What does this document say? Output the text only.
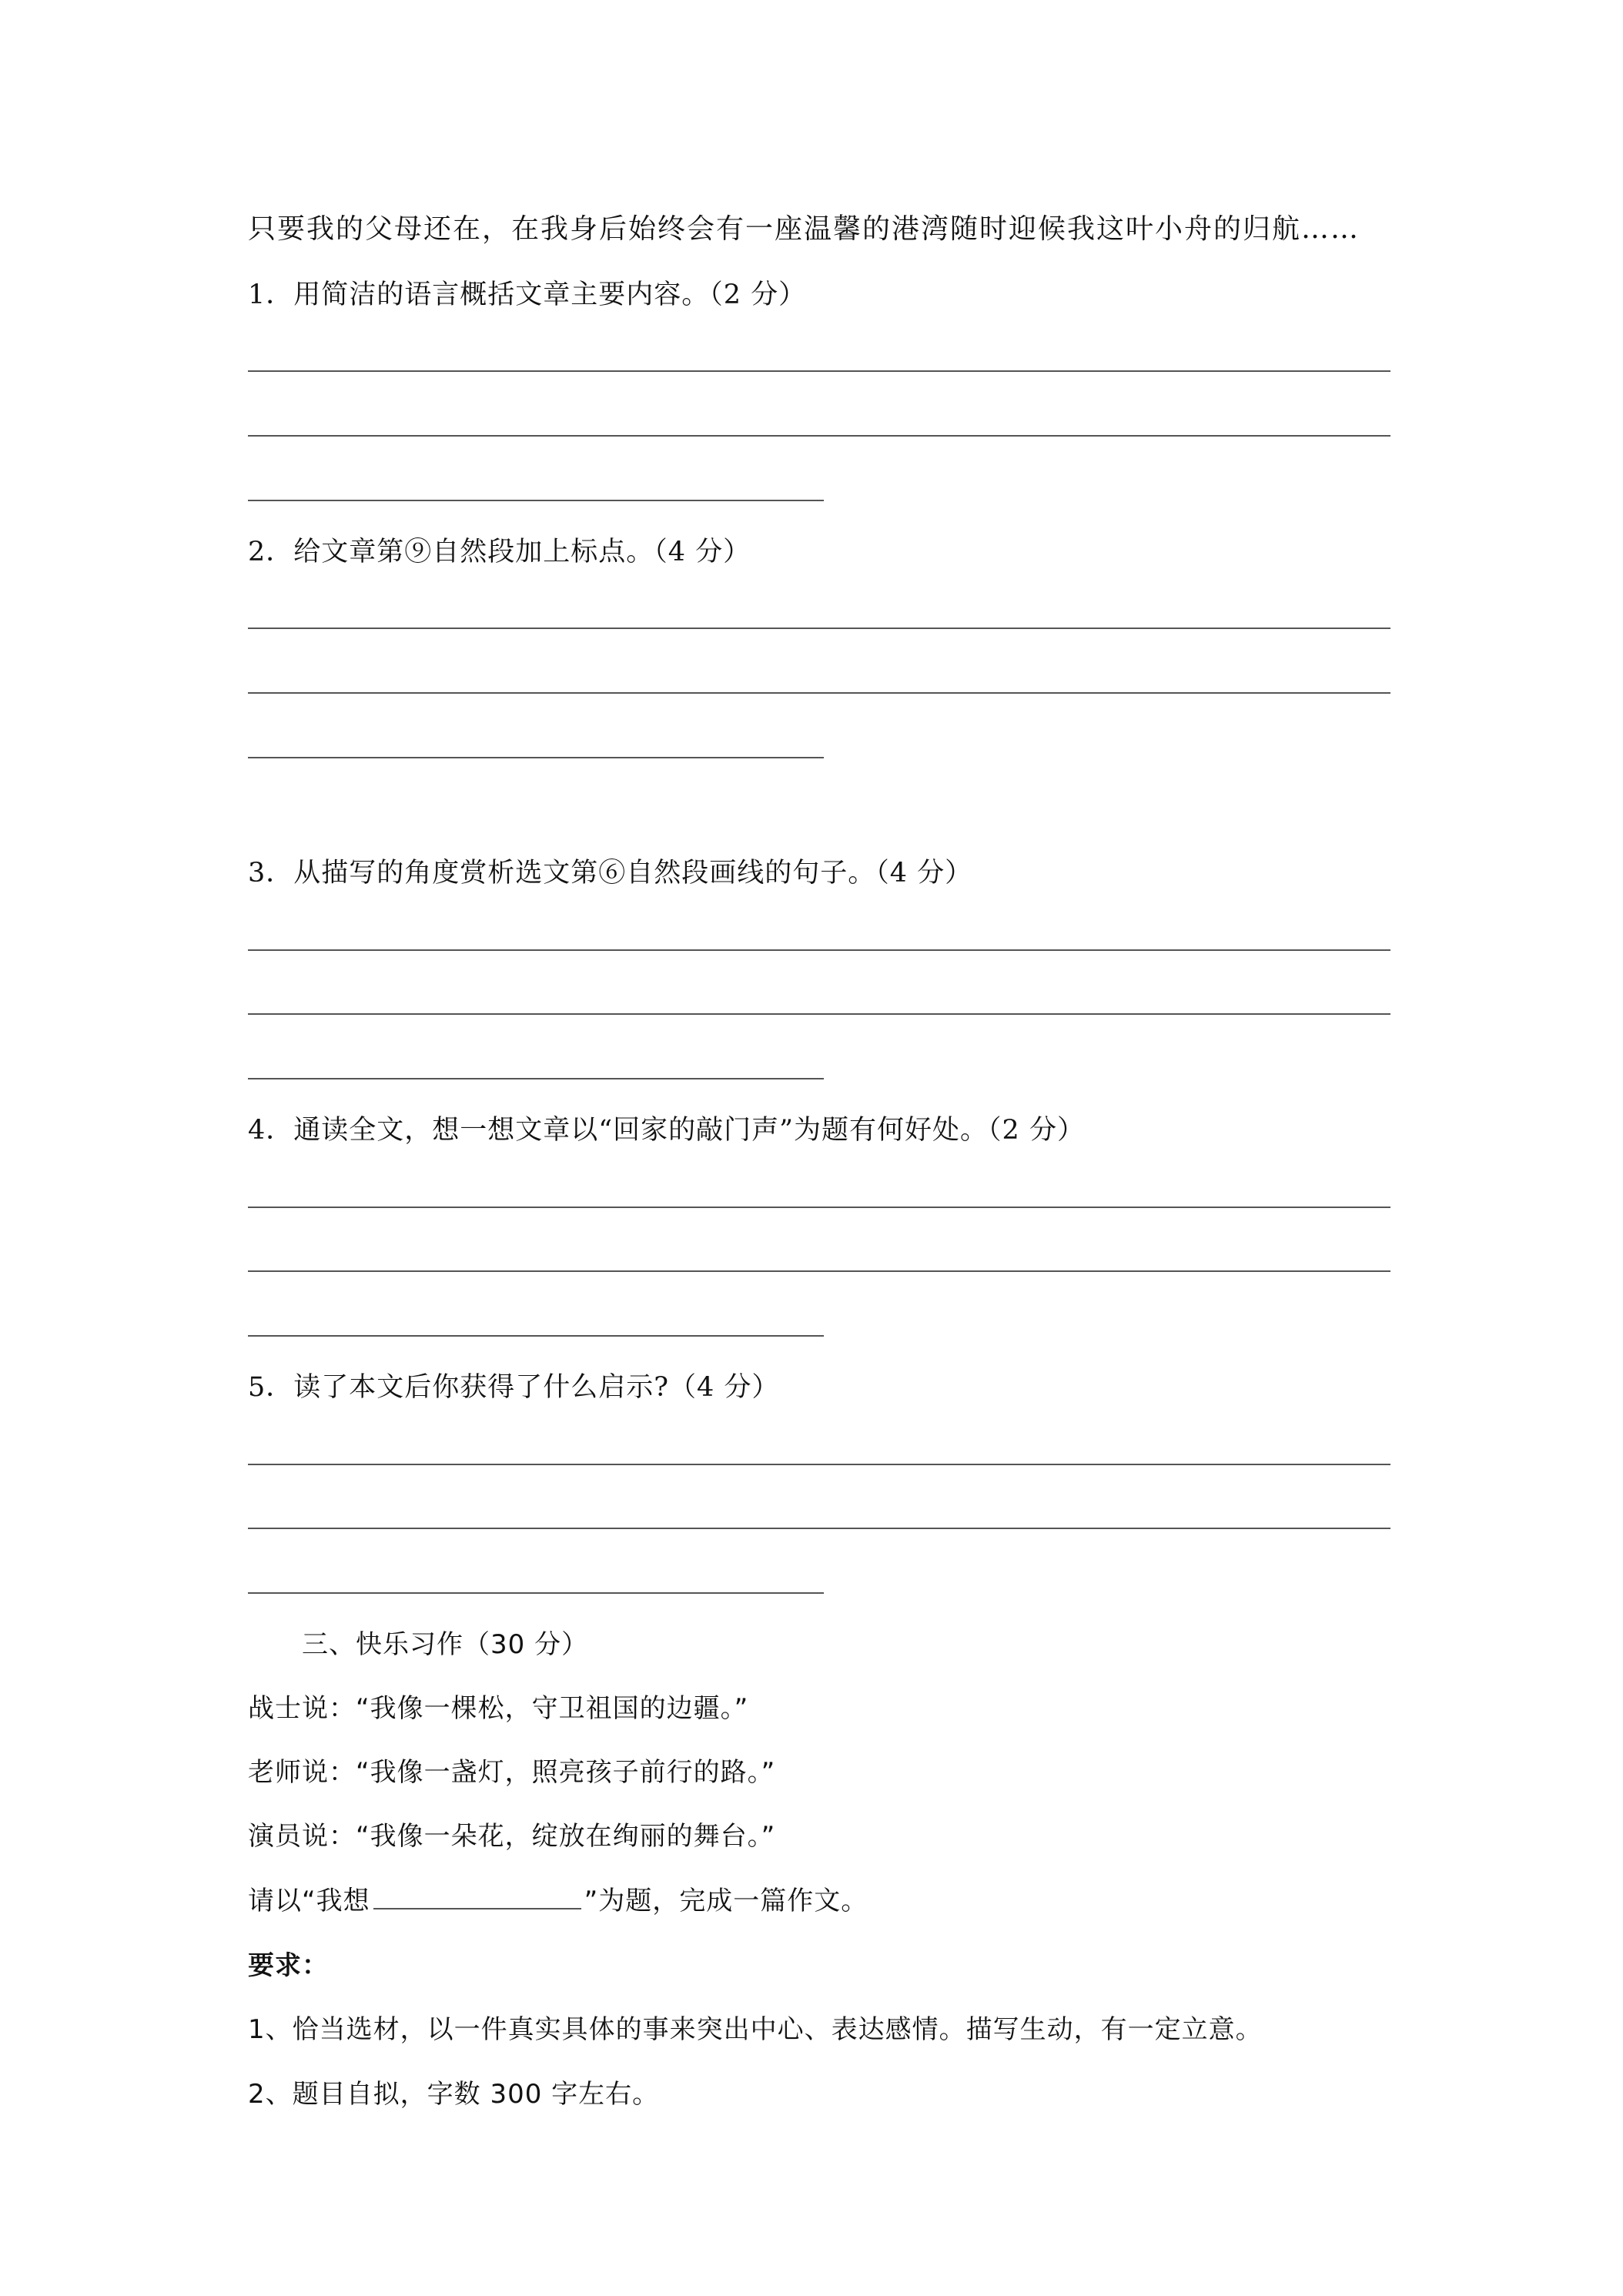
只要我的父母还在，在我身后始终会有一座温馨的港湾随时迎候我这叶小舟的归航……
1．用简洁的语言概括文章主要内容。（2 分）
2．给文章第⑨自然段加上标点。（4 分）
3．从描写的角度赏析选文第⑥自然段画线的句子。（4 分）
4．通读全文，想一想文章以“回家的敲门声”为题有何好处。（2 分）
5．读了本文后你获得了什么启示?（4 分）
三、快乐习作（30 分）
战士说：“我像一棵松，守卫祖国的边疆。”
老师说：“我像一盏灯，照亮孩子前行的路。”
演员说：“我像一朵花，绽放在绚丽的舞台。”
请以“我想	”为题，完成一篇作文。
要求：
1、恰当选材，以一件真实具体的事来突出中心、表达感情。描写生动，有一定立意。
2、题目自拟，字数 300 字左右。
